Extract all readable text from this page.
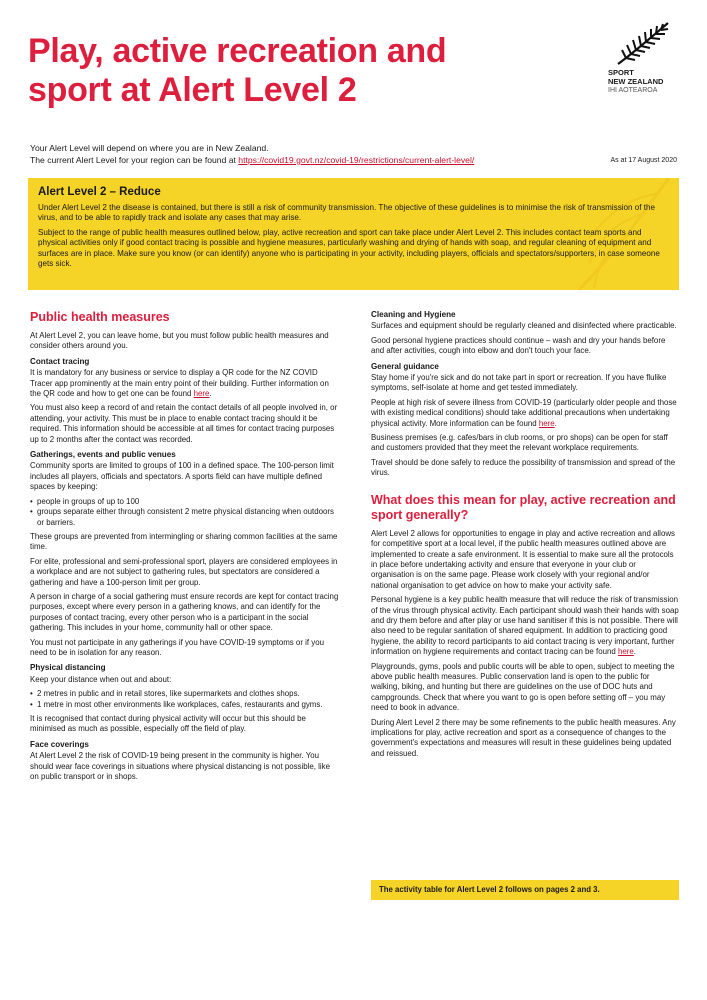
Play, active recreation and
sport at Alert Level 2	SPORT
NEW ZEALAND
IHI AOTEAROA
Your Alert Level will depend on where you are in New Zealand.
The current Alert Level for your region can be found at https://covid19.govt.nz/covid-19/restrictions/current-alert-level/	As at 17 August 2020
Alert Level 2 – Reduce

Under Alert Level 2 the disease is contained, but there is still a risk of community transmission. The objective of these guidelines is to minimise the risk of transmission of the virus, and to be able to rapidly track and isolate any cases that may arise.

Subject to the range of public health measures outlined below, play, active recreation and sport can take place under Alert Level 2. This includes contact team sports and physical activities only if good contact tracing is possible and hygiene measures, particularly washing and drying of hands with soap, and regular cleaning of equipment and surfaces are in place. Make sure you know (or can identify) anyone who is participating in your activity, including players, officials and spectators/supporters, in case someone gets sick.

Public health measures

At Alert Level 2, you can leave home, but you must follow public health measures and consider others around you.

Contact tracing

It is mandatory for any business or service to display a QR code for the NZ COVID Tracer app prominently at the main entry point of their building. Further information on the QR code and how to get one can be found here.

You must also keep a record of and retain the contact details of all people involved in, or attending, your activity. This must be in place to enable contact tracing should it be required. This information should be accessible at all times for contact tracing purposes up to 2 months after the contact was recorded.

Gatherings, events and public venues

Community sports are limited to groups of 100 in a defined space. The 100-person limit includes all players, officials and spectators. A sports field can have multiple defined spaces by keeping:

• people in groups of up to 100
• groups separate either through consistent 2 metre physical distancing when outdoors or barriers.

These groups are prevented from intermingling or sharing common facilities at the same time.

For elite, professional and semi-professional sport, players are considered employees in a workplace and are not subject to gathering rules, but spectators are considered a gathering and have a 100-person limit per group.

A person in charge of a social gathering must ensure records are kept for contact tracing purposes, except where every person in a gathering knows, and can identify for the purposes of contact tracing, every other person who is a participant in the social gathering. This includes in your home, community hall or other space.

You must not participate in any gatherings if you have COVID-19 symptoms or if you need to be in isolation for any reason.

Physical distancing

Keep your distance when out and about:

• 2 metres in public and in retail stores, like supermarkets and clothes shops.
• 1 metre in most other environments like workplaces, cafes, restaurants and gyms.

It is recognised that contact during physical activity will occur but this should be minimised as much as possible, especially off the field of play.

Face coverings

At Alert Level 2 the risk of COVID-19 being present in the community is higher. You should wear face coverings in situations where physical distancing is not possible, like on public transport or in shops.

Cleaning and Hygiene

Surfaces and equipment should be regularly cleaned and disinfected where practicable.

Good personal hygiene practices should continue – wash and dry your hands before and after activities, cough into elbow and don't touch your face.

General guidance

Stay home if you're sick and do not take part in sport or recreation. If you have flulike symptoms, self-isolate at home and get tested immediately.

People at high risk of severe illness from COVID-19 (particularly older people and those with existing medical conditions) should take additional precautions when undertaking physical activity. More information can be found here.

Business premises (e.g. cafes/bars in club rooms, or pro shops) can be open for staff and customers provided that they meet the relevant workplace requirements.

Travel should be done safely to reduce the possibility of transmission and spread of the virus.

What does this mean for play, active recreation and sport generally?

Alert Level 2 allows for opportunities to engage in play and active recreation and allows for competitive sport at a local level, if the public health measures outlined above are implemented to create a safe environment. It is essential to make sure all the protocols in place before undertaking activity and ensure that everyone in your club or organisation is on the same page. Please work closely with your regional and/or national organisation to get advice on how to make your activity safe.

Personal hygiene is a key public health measure that will reduce the risk of transmission of the virus through physical activity. Each participant should wash their hands with soap and dry them before and after play or use hand sanitiser if this is not possible. There will also need to be regular sanitation of shared equipment. In addition to practicing good hygiene, the ability to record participants to aid contact tracing is very important, further information on hygiene requirements and contact tracing can be found here.

Playgrounds, gyms, pools and public courts will be able to open, subject to meeting the above public health measures. Public conservation land is open to the public for walking, biking, and hunting but there are guidelines on the use of DOC huts and campgrounds. Check that where you want to go is open before setting off – you may need to book in advance.

During Alert Level 2 there may be some refinements to the public health measures. Any implications for play, active recreation and sport as a consequence of changes to the government's expectations and measures will result in these guidelines being updated and reissued.

The activity table for Alert Level 2 follows on pages 2 and 3.
